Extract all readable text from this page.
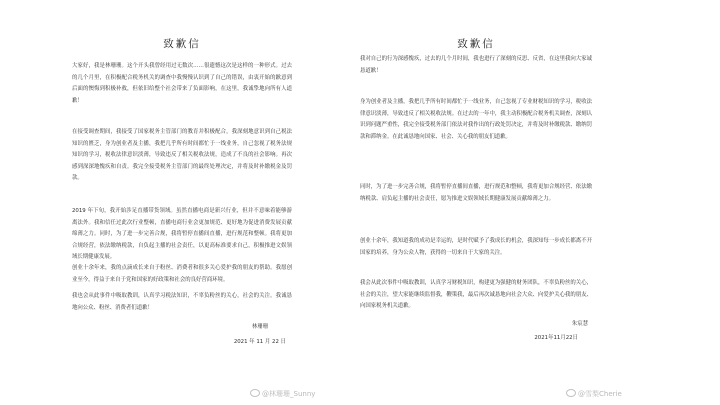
致歉信

大家好，我是林珊珊。这个开头我曾经用过无数次……很遗憾这次是这样的一种形式。过去的几个月里，在积极配合税务机关的调查中我慢慢认识到了自己的错误，由衷开始的歉意到后面的懊悔到积极补救，但依旧给整个社会带来了负面影响，在这里，我诚挚地向所有人道歉！

在接受调查期间，我接受了国家税务主管部门的教育并积极配合，我深刻地意识到自己税法知识的匮乏，身为创业者及主播，我把几乎所有时间都忙于一线业务，自己忽视了税务法规知识的学习，税收法律意识淡薄，导致违反了相关税收法规，造成了不良的社会影响。再次感到深深地愧疚和自责。我完全接受税务主管部门的最终处理决定，并将及时补缴税金及罚款。

2019 年下旬，我开始涉足直播带货领域。虽然直播电商是新兴行业，但并不意味着能够游离法外。我和信任过此次行业整顿，直播电商行业会更加规范、更好地为促进消费发展贡献绵薄之力。同时，为了进一步完善合规，我将暂停直播间直播，进行规范和整顿。我将更加合规经营，依法缴纳税款，自负起主播的社会责任，以更高标准要求自己，积极推进文娱领域长期健康发展。

创业十余年来，我的点滴成长来自于粉丝、消费者和很多关心爱护我的朋友的帮助。我愿创业至今，得益于来自于党和国家的好政策和社会的良好营商环境。

我也会从此事件中吸取教训，认真学习税法知识，不辜负粉丝的关心，社会的关注。我诚恳地向公众、粉丝、消费者们道歉！

林珊珊
2021 年 11 月 22 日
致歉信

我对自己的行为深感愧疚，过去的几个月时间，我也进行了深刻的反思、反省，在这里我向大家诚恳道歉！

身为创业者及主播，我把几乎所有时间都忙于一线业务，自己忽视了专业财税知识的学习，税收法律意识淡薄，导致违反了相关税收法规。在过去的一年中，我主动积极配合税务机关调查，深刻认识到问题严重性，我完全接受税务部门依法对我作出的行政处罚决定，并将及时补缴税款、缴纳罚款和滞纳金。在此诚恳地向国家、社会、关心我的朋友们道歉。

同时，为了进一步完善合规，我将暂停直播间直播，进行规范和整顿，我将更加合规经营、依法缴纳税款、肩负起主播的社会责任，愿为推进文娱领域长期健康发展贡献绵薄之力。

创业十余年，我知道我的成功是幸运的，是时代赋予了我成长的机会，我深知每一步成长都离不开国家的培养，身为公众人物，获得的一切来自于大家的关注。

我会从此次事件中吸取教训，认真学习财税知识，构建更为强健的财务团队，不辜负粉丝的关心，社会的关注，望大家能继续监督我，鞭策我，最后再次诚恳地向社会大众、向爱护关心我的朋友、向国家税务机关道歉。

朱宸慧
2021年11月22日
@林珊珊_Sunny	@雪梨Cherie
